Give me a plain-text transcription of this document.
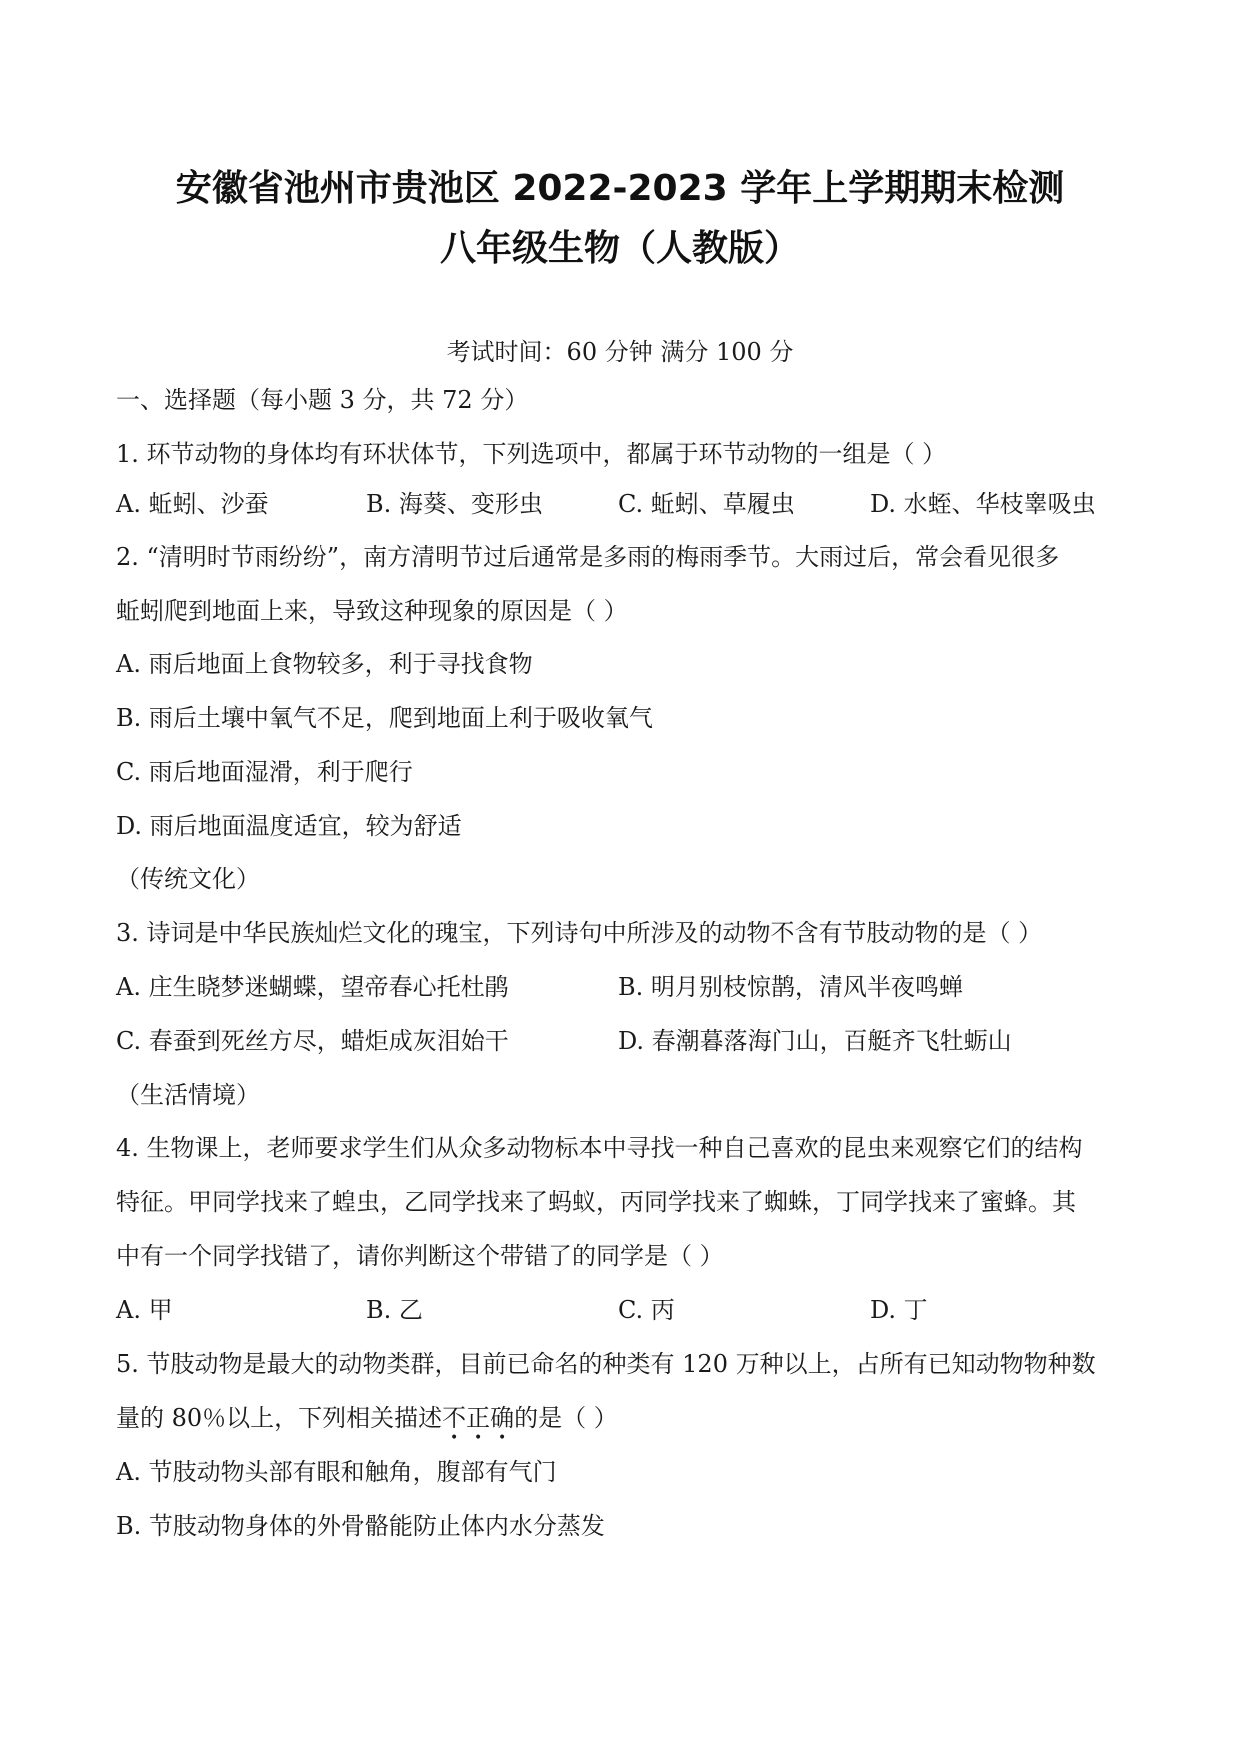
安徽省池州市贵池区 2022-2023 学年上学期期末检测
八年级生物（人教版）
考试时间：60 分钟 满分 100 分
一、选择题（每小题 3 分，共 72 分）
1. 环节动物的身体均有环状体节，下列选项中，都属于环节动物的一组是（ ）
A. 蚯蚓、沙蚕	B. 海葵、变形虫	C. 蚯蚓、草履虫	D. 水蛭、华枝睾吸虫
2. “清明时节雨纷纷”，南方清明节过后通常是多雨的梅雨季节。大雨过后，常会看见很多
蚯蚓爬到地面上来，导致这种现象的原因是（ ）
A. 雨后地面上食物较多，利于寻找食物
B. 雨后土壤中氧气不足，爬到地面上利于吸收氧气
C. 雨后地面湿滑，利于爬行
D. 雨后地面温度适宜，较为舒适
（传统文化）
3. 诗词是中华民族灿烂文化的瑰宝，下列诗句中所涉及的动物不含有节肢动物的是（ ）
A. 庄生晓梦迷蝴蝶，望帝春心托杜鹃	B. 明月别枝惊鹊，清风半夜鸣蝉
C. 春蚕到死丝方尽，蜡炬成灰泪始干	D. 春潮暮落海门山，百艇齐飞牡蛎山
（生活情境）
4. 生物课上，老师要求学生们从众多动物标本中寻找一种自己喜欢的昆虫来观察它们的结构
特征。甲同学找来了蝗虫，乙同学找来了蚂蚁，丙同学找来了蜘蛛，丁同学找来了蜜蜂。其
中有一个同学找错了，请你判断这个带错了的同学是（ ）
A. 甲	B. 乙	C. 丙	D. 丁
5. 节肢动物是最大的动物类群，目前已命名的种类有 120 万种以上，占所有已知动物物种数
量的 80％以上，下列相关描述不正确
• • •
的是（ ）
A. 节肢动物头部有眼和触角，腹部有气门
B. 节肢动物身体的外骨骼能防止体内水分蒸发
